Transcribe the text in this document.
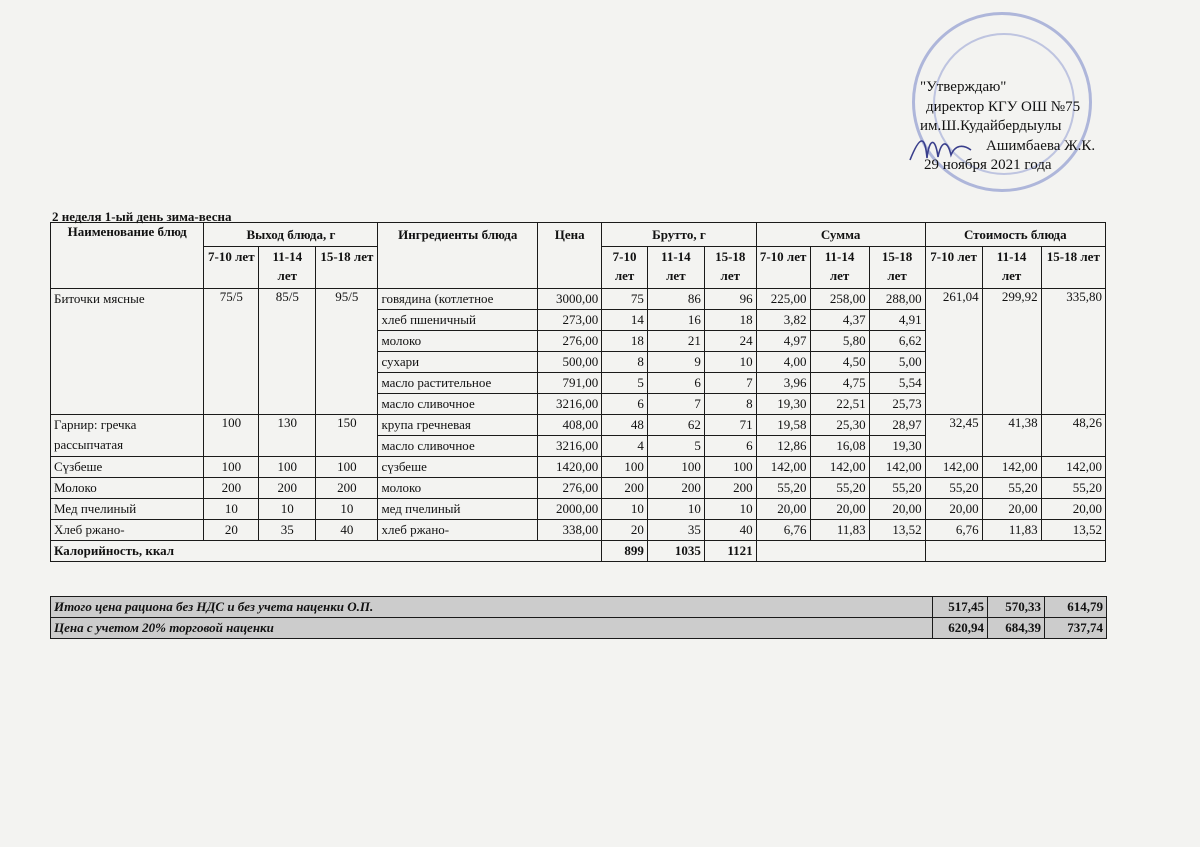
"Утверждаю"
директор КГУ ОШ №75
им.Ш.Кудайбердыулы
Ашимбаева Ж.К.
29 ноября 2021 года
2 неделя 1-ый день зима-весна
Наименование блюд	Выход блюда, г			Ингредиенты блюда	Цена	Брутто, г			Сумма			Стоимость блюда		
	7-10 лет	11-14 лет	15-18 лет			7-10 лет	11-14 лет	15-18 лет	7-10 лет	11-14 лет	15-18 лет	7-10 лет	11-14 лет	15-18 лет
Биточки мясные	75/5	85/5	95/5	говядина (котлетное	3000,00	75	86	96	225,00	258,00	288,00	261,04	299,92	335,80
				хлеб пшеничный	273,00	14	16	18	3,82	4,37	4,91			
				молоко	276,00	18	21	24	4,97	5,80	6,62			
				сухари	500,00	8	9	10	4,00	4,50	5,00			
				масло растительное	791,00	5	6	7	3,96	4,75	5,54			
				масло сливочное	3216,00	6	7	8	19,30	22,51	25,73			
Гарнир: гречка рассыпчатая	100	130	150	крупа гречневая	408,00	48	62	71	19,58	25,30	28,97	32,45	41,38	48,26
				масло сливочное	3216,00	4	5	6	12,86	16,08	19,30			
Сүзбеше	100	100	100	сүзбеше	1420,00	100	100	100	142,00	142,00	142,00	142,00	142,00	142,00
Молоко	200	200	200	молоко	276,00	200	200	200	55,20	55,20	55,20	55,20	55,20	55,20
Мед пчелиный	10	10	10	мед пчелиный	2000,00	10	10	10	20,00	20,00	20,00	20,00	20,00	20,00
Хлеб ржано-	20	35	40	хлеб ржано-	338,00	20	35	40	6,76	11,83	13,52	6,76	11,83	13,52
Калорийность, ккал						899	1035	1121						
Итого цена рациона без НДС и без учета наценки О.П.	517,45	570,33	614,79
Цена с учетом 20% торговой наценки	620,94	684,39	737,74
